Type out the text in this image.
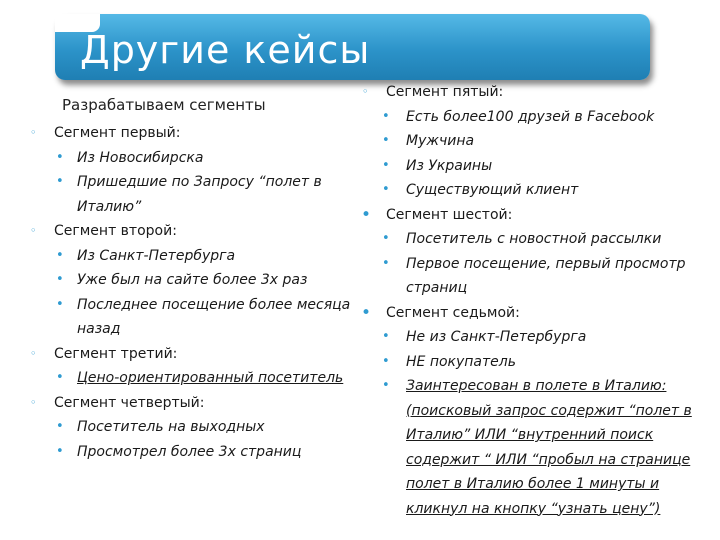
Другие кейсы
Разрабатываем сегменты
◦	Сегмент первый:
• Из Новосибирска
• Пришедшие по Запросу “полет в Италию”
◦	Сегмент второй:
• Из Санкт-Петербурга
• Уже был на сайте более 3х раз
• Последнее посещение более месяца назад
◦	Сегмент третий:
• Цено-ориентированный посетитель
◦	Сегмент четвертый:
• Посетитель на выходных
• Просмотрел более 3х страниц
◦	Сегмент пятый:
• Есть более100 друзей в Facebook
• Мужчина
• Из Украины
• Существующий клиент
•	Сегмент шестой:
• Посетитель с новостной рассылки
• Первое посещение, первый просмотр страниц
•	Сегмент седьмой:
• Не из Санкт-Петербурга
• НЕ покупатель
• Заинтересован в полете в Италию: (поисковый запрос содержит “полет в Италию” ИЛИ “внутренний поиск содержит “ ИЛИ “пробыл на странице полет в Италию более 1 минуты и кликнул на кнопку “узнать цену”)
